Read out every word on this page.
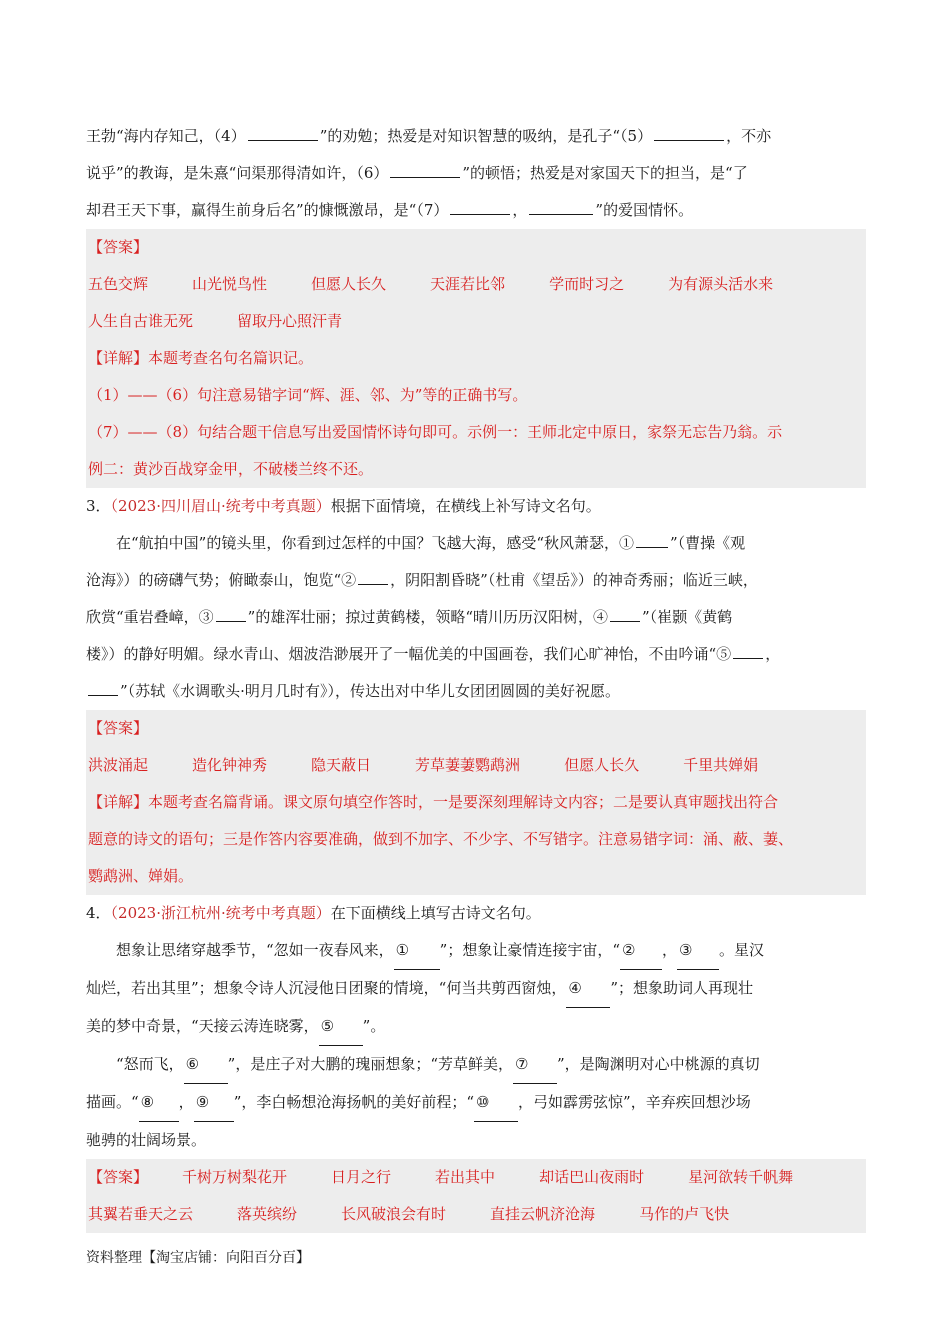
王勃“海内存知己，（4）	”的劝勉；热爱是对知识智慧的吸纳，是孔子“（5）	，不亦

说乎”的教诲，是朱熹“问渠那得清如许，（6）	”的顿悟；热爱是对家国天下的担当，是“了

却君王天下事，赢得生前身后名”的慷慨激昂，是“（7）	，	”的爱国情怀。

【答案】

五色交辉	山光悦鸟性	但愿人长久	天涯若比邻	学而时习之	为有源头活水来
人生自古谁无死	留取丹心照汗青

【详解】本题考查名句名篇识记。

（1）——（6）句注意易错字词“辉、涯、邻、为”等的正确书写。

（7）——（8）句结合题干信息写出爱国情怀诗句即可。示例一：王师北定中原日，家祭无忘告乃翁。示

例二：黄沙百战穿金甲，不破楼兰终不还。

3．（2023·四川眉山·统考中考真题）根据下面情境，在横线上补写诗文名句。

在“航拍中国”的镜头里，你看到过怎样的中国？飞越大海，感受“秋风萧瑟，① ”（曹操《观

沧海》）的磅礴气势；俯瞰泰山，饱览“② ，阴阳割昏晓”（杜甫《望岳》）的神奇秀丽；临近三峡，

欣赏“重岩叠嶂，③ ”的雄浑壮丽；掠过黄鹤楼，领略“晴川历历汉阳树，④ ”（崔颢《黄鹤

楼》）的静好明媚。绿水青山、烟波浩渺展开了一幅优美的中国画卷，我们心旷神怡，不由吟诵“⑤ ，

”（苏轼《水调歌头·明月几时有》），传达出对中华儿女团团圆圆的美好祝愿。

【答案】

洪波涌起	造化钟神秀	隐天蔽日	芳草萋萋鹦鹉洲	但愿人长久	千里共婵娟

【详解】本题考查名篇背诵。课文原句填空作答时，一是要深刻理解诗文内容；二是要认真审题找出符合

题意的诗文的语句；三是作答内容要准确，做到不加字、不少字、不写错字。注意易错字词：涌、蔽、萋、

鹦鹉洲、婵娟。

4．（2023·浙江杭州·统考中考真题）在下面横线上填写古诗文名句。

想象让思绪穿越季节，“忽如一夜春风来， ① ”；想象让豪情连接宇宙，“ ② ， ③ 。星汉

灿烂，若出其里”；想象令诗人沉浸他日团聚的情境，“何当共剪西窗烛， ④ ”；想象助词人再现壮

美的梦中奇景，“天接云涛连晓雾， ⑤ ”。

“怒而飞， ⑥ ”，是庄子对大鹏的瑰丽想象；“芳草鲜美， ⑦ ”，是陶渊明对心中桃源的真切

描画。“ ⑧ ， ⑨ ”，李白畅想沧海扬帆的美好前程；“ ⑩ ，弓如霹雳弦惊”，辛弃疾回想沙场

驰骋的壮阔场景。

【答案】 千树万树梨花开	日月之行	若出其中	却话巴山夜雨时	星河欲转千帆舞
其翼若垂天之云	落英缤纷	长风破浪会有时	直挂云帆济沧海	马作的卢飞快
资料整理【淘宝店铺：向阳百分百】
